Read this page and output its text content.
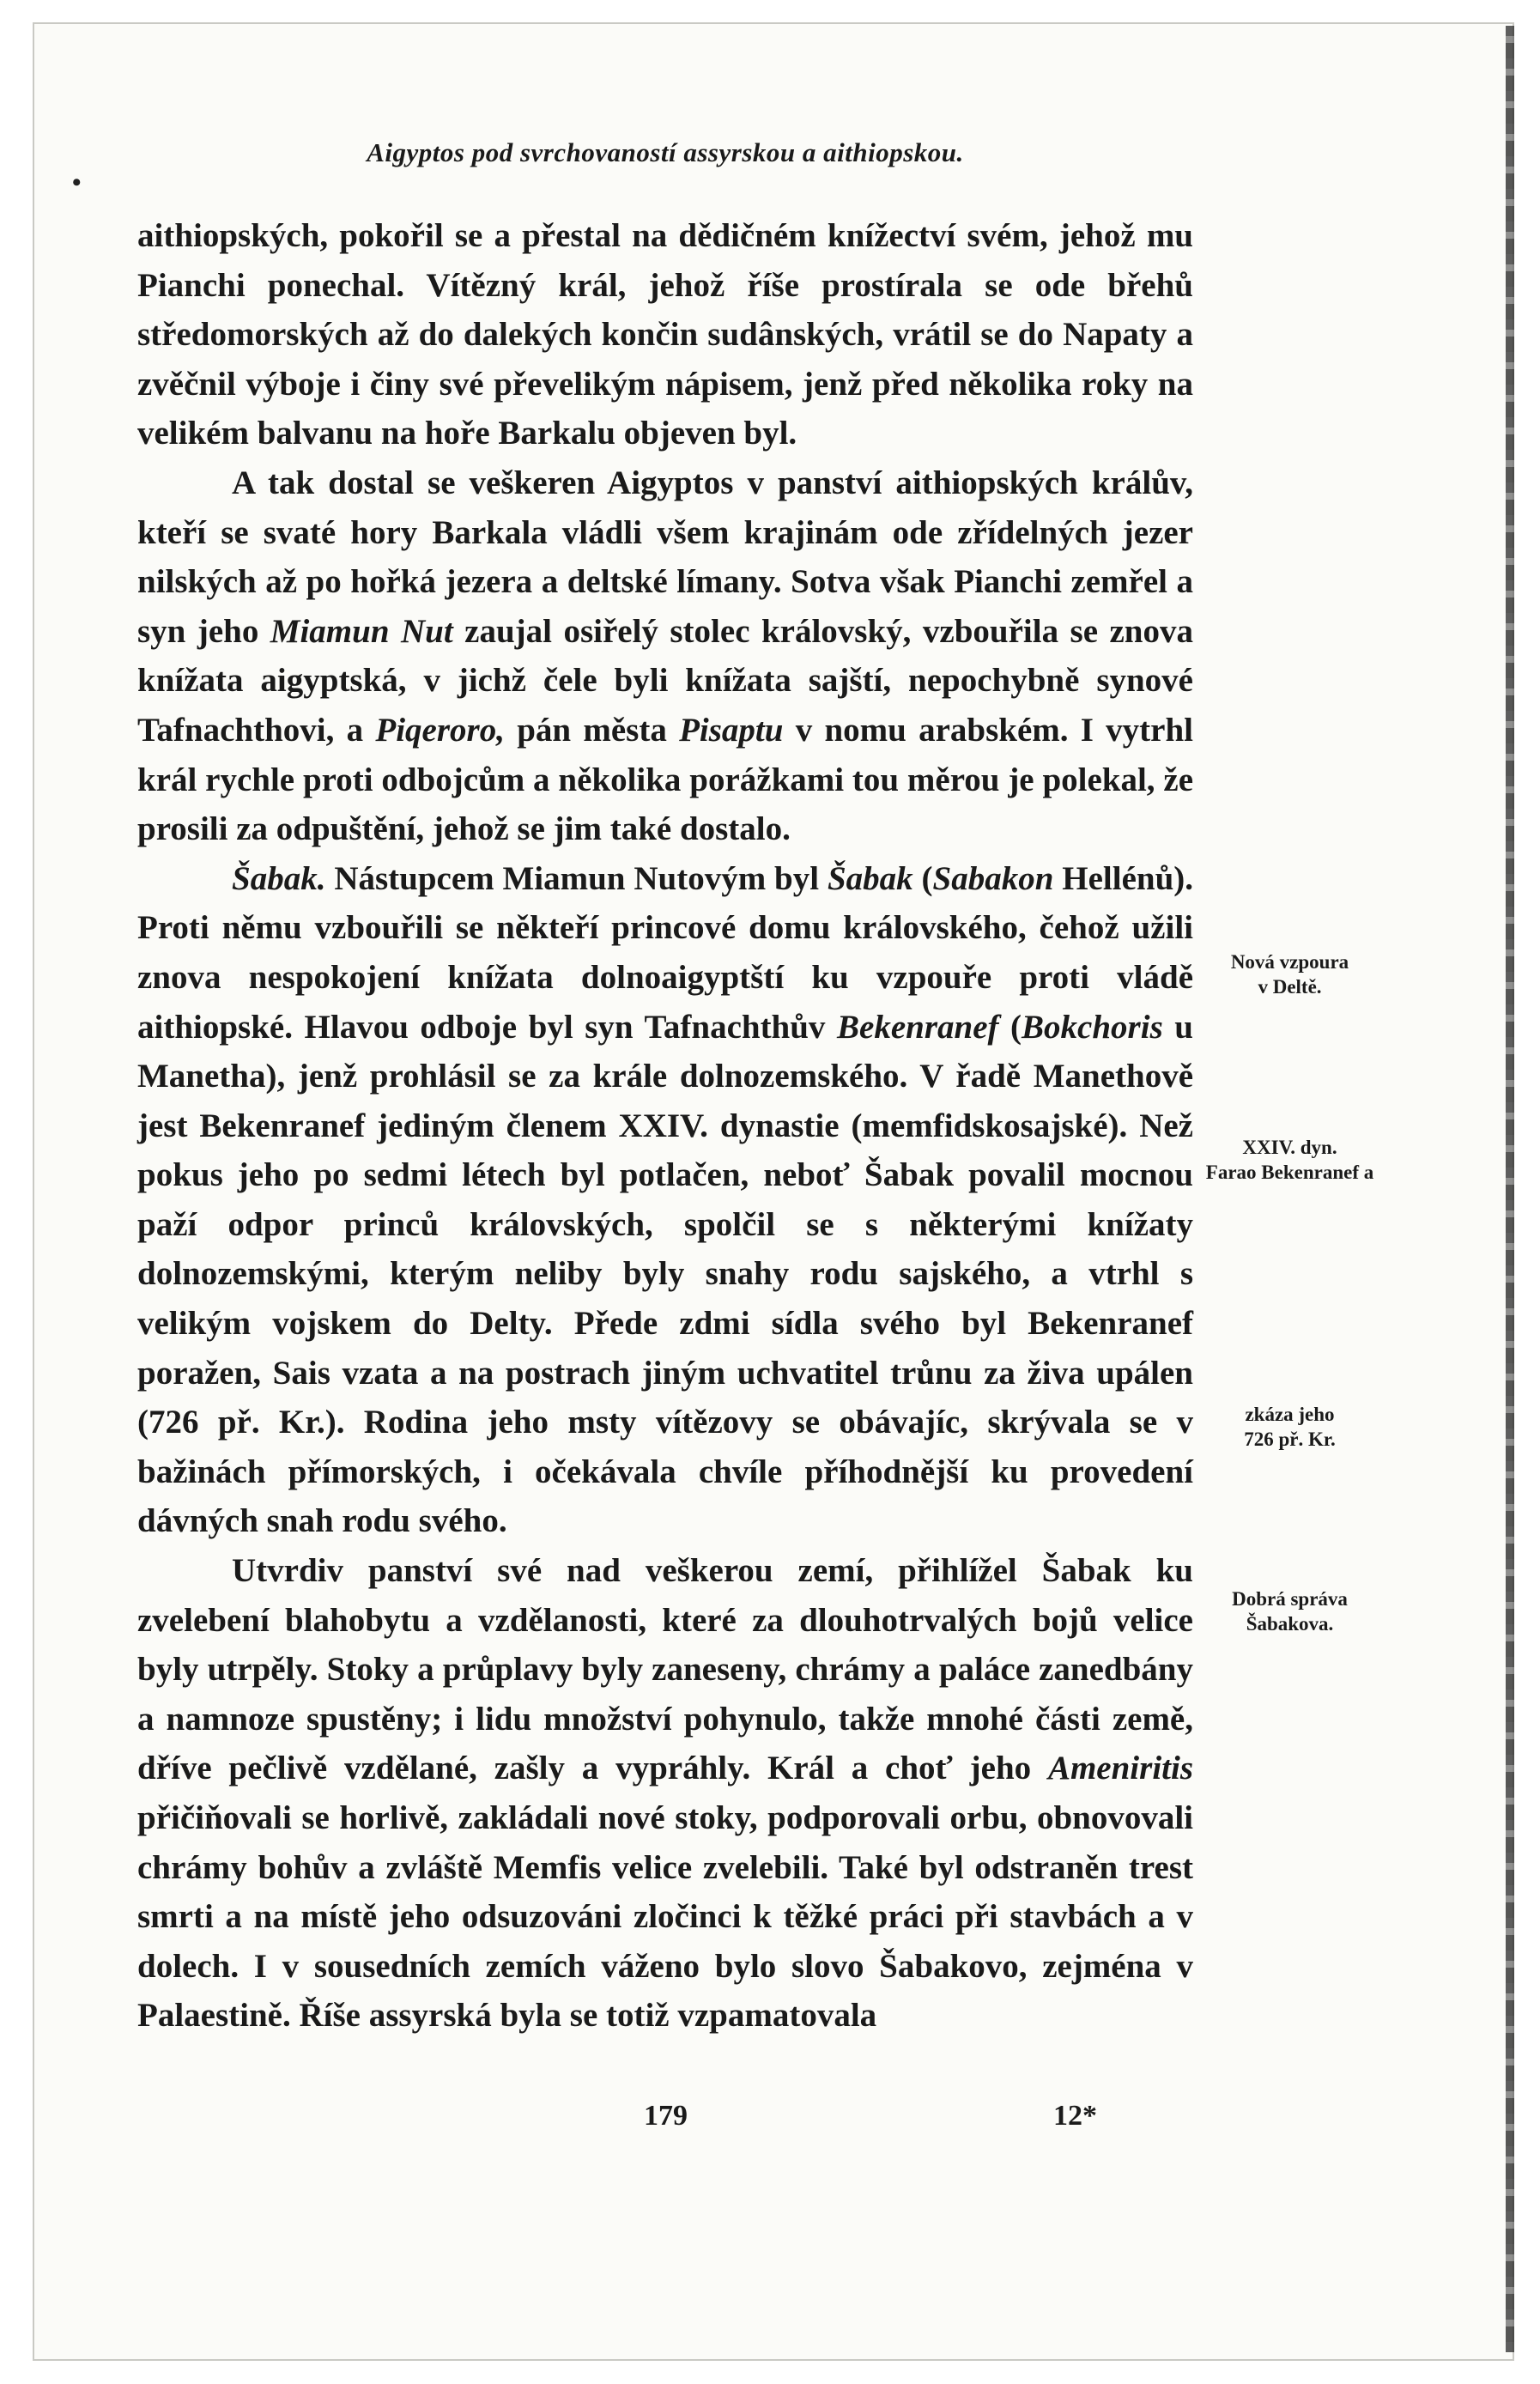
•
Aigyptos pod svrchovaností assyrskou a aithiopskou.

aithiopských, pokořil se a přestal na dědičném knížectví svém, jehož mu Pianchi ponechal. Vítězný král, jehož říše prostírala se ode břehů středomorských až do dalekých končin sudânských, vrátil se do Napaty a zvěčnil výboje i činy své převelikým nápisem, jenž před několika roky na velikém balvanu na hoře Barkalu objeven byl.

A tak dostal se veškeren Aigyptos v panství aithiopských králův, kteří se svaté hory Barkala vládli všem krajinám ode zřídelných jezer nilských až po hořká jezera a deltské límany. Sotva však Pianchi zemřel a syn jeho Miamun Nut zaujal osiřelý stolec královský, vzbouřila se znova knížata aigyptská, v jichž čele byli knížata sajští, nepochybně synové Tafnachthovi, a Piqeroro, pán města Pisaptu v nomu arabském. I vytrhl král rychle proti odbojcům a několika porážkami tou měrou je polekal, že prosili za odpuštění, jehož se jim také dostalo.

Šabak. Nástupcem Miamun Nutovým byl Šabak (Sabakon Hellénů). Proti němu vzbouřili se někteří princové domu královského, čehož užili znova nespokojení knížata dolnoaigyptští ku vzpouře proti vládě aithiopské. Hlavou odboje byl syn Tafnachthův Bekenranef (Bokchoris u Manetha), jenž prohlásil se za krále dolnozemského. V řadě Manethově jest Bekenranef jediným členem XXIV. dynastie (memfidskosajské). Než pokus jeho po sedmi létech byl potlačen, neboť Šabak povalil mocnou paží odpor princů královských, spolčil se s některými knížaty dolnozemskými, kterým neliby byly snahy rodu sajského, a vtrhl s velikým vojskem do Delty. Přede zdmi sídla svého byl Bekenranef poražen, Sais vzata a na postrach jiným uchvatitel trůnu za živa upálen (726 př. Kr.). Rodina jeho msty vítězovy se obávajíc, skrývala se v bažinách přímorských, i očekávala chvíle příhodnější ku provedení dávných snah rodu svého.

Utvrdiv panství své nad veškerou zemí, přihlížel Šabak ku zvelebení blahobytu a vzdělanosti, které za dlouhotrvalých bojů velice byly utrpěly. Stoky a průplavy byly zaneseny, chrámy a paláce zanedbány a namnoze spustěny; i lidu množství pohynulo, takže mnohé části země, dříve pečlivě vzdělané, zašly a vypráhly. Král a choť jeho Ameniritis přičiňovali se horlivě, zakládali nové stoky, podporovali orbu, obnovovali chrámy bohův a zvláště Memfis velice zvelebili. Také byl odstraněn trest smrti a na místě jeho odsuzováni zločinci k těžké práci při stavbách a v dolech. I v sousedních zemích váženo bylo slovo Šabakovo, zejména v Palaestině. Říše assyrská byla se totiž vzpamatovala

Nová vzpoura
v Deltě.
XXIV. dyn.
Farao Bekenranef a
zkáza jeho
726 př. Kr.
Dobrá správa
Šabakova.
179	12*
